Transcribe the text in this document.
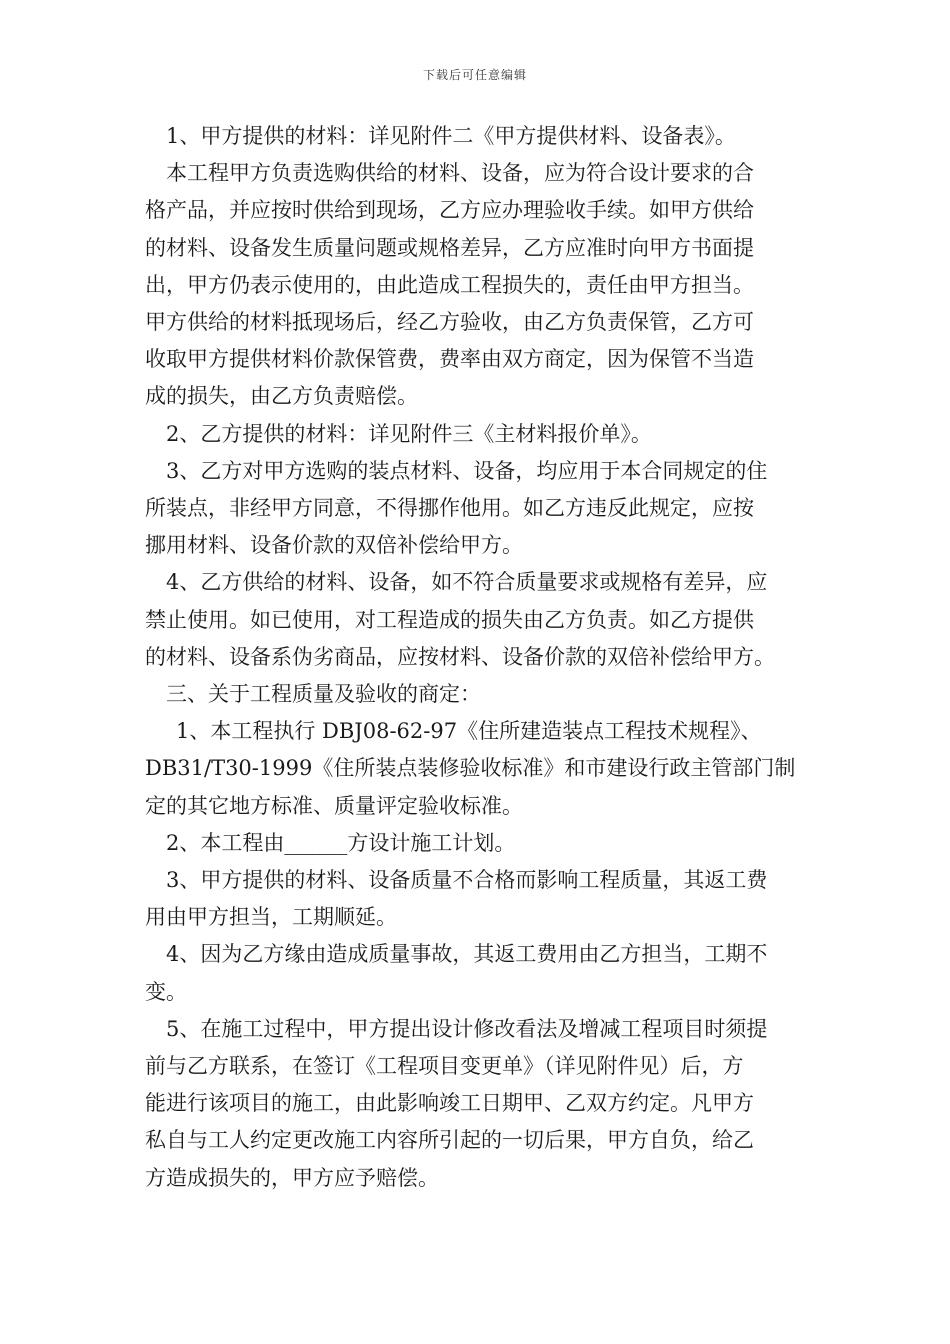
下载后可任意编辑

1、甲方提供的材料：详见附件二《甲方提供材料、设备表》。

本工程甲方负责选购供给的材料、设备，应为符合设计要求的合

格产品，并应按时供给到现场，乙方应办理验收手续。如甲方供给

的材料、设备发生质量问题或规格差异，乙方应准时向甲方书面提

出，甲方仍表示使用的，由此造成工程损失的，责任由甲方担当。

甲方供给的材料抵现场后，经乙方验收，由乙方负责保管，乙方可

收取甲方提供材料价款保管费，费率由双方商定，因为保管不当造

成的损失，由乙方负责赔偿。

2、乙方提供的材料：详见附件三《主材料报价单》。

3、乙方对甲方选购的装点材料、设备，均应用于本合同规定的住

所装点，非经甲方同意，不得挪作他用。如乙方违反此规定，应按

挪用材料、设备价款的双倍补偿给甲方。

4、乙方供给的材料、设备，如不符合质量要求或规格有差异，应

禁止使用。如已使用，对工程造成的损失由乙方负责。如乙方提供

的材料、设备系伪劣商品，应按材料、设备价款的双倍补偿给甲方。

三、关于工程质量及验收的商定：

1、本工程执行 DBJ08-62-97《住所建造装点工程技术规程》、

DB31/T30-1999《住所装点装修验收标准》和市建设行政主管部门制

定的其它地方标准、质量评定验收标准。

2、本工程由______方设计施工计划。

3、甲方提供的材料、设备质量不合格而影响工程质量，其返工费

用由甲方担当，工期顺延。

4、因为乙方缘由造成质量事故，其返工费用由乙方担当，工期不

变。

5、在施工过程中，甲方提出设计修改看法及增减工程项目时须提

前与乙方联系，在签订《工程项目变更单》（详见附件见）后，方

能进行该项目的施工，由此影响竣工日期甲、乙双方约定。凡甲方

私自与工人约定更改施工内容所引起的一切后果，甲方自负，给乙

方造成损失的，甲方应予赔偿。
